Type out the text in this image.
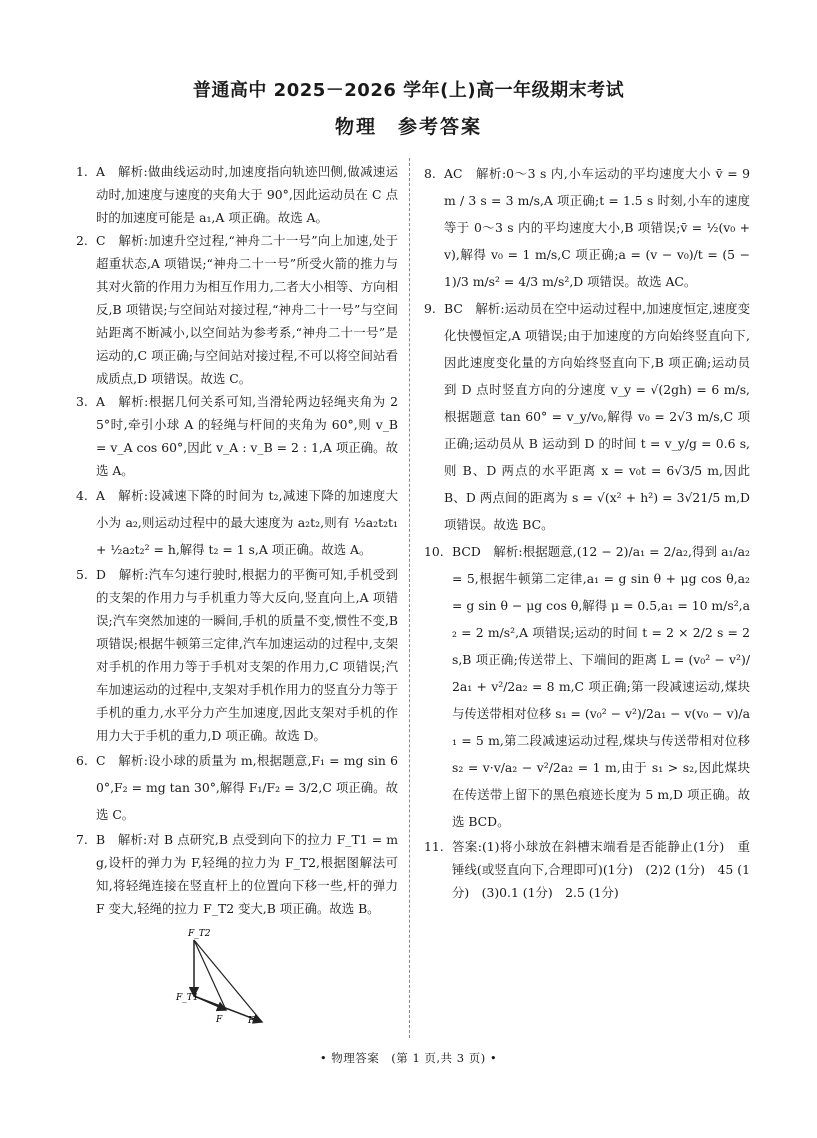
普通高中 2025－2026 学年(上)高一年级期末考试
物理　参考答案
1. A　解析:做曲线运动时,加速度指向轨迹凹侧,做减速运动时,加速度与速度的夹角大于 90°,因此运动员在 C 点时的加速度可能是 a₁,A 项正确。故选 A。
2. C　解析:加速升空过程,“神舟二十一号”向上加速,处于超重状态,A 项错误;“神舟二十一号”所受火箭的推力与其对火箭的作用力为相互作用力,二者大小相等、方向相反,B 项错误;与空间站对接过程,“神舟二十一号”与空间站距离不断减小,以空间站为参考系,“神舟二十一号”是运动的,C 项正确;与空间站对接过程,不可以将空间站看成质点,D 项错误。故选 C。
3. A　解析:根据几何关系可知,当滑轮两边轻绳夹角为 25°时,牵引小球 A 的轻绳与杆间的夹角为 60°,则 v_B = v_A cos 60°,因此 v_A : v_B = 2 : 1,A 项正确。故选 A。
4. A　解析:设减速下降的时间为 t₂,减速下降的加速度大小为 a₂,则运动过程中的最大速度为 a₂t₂,则有 ½a₂t₂t₁ + ½a₂t₂² = h,解得 t₂ = 1 s,A 项正确。故选 A。
5. D　解析:汽车匀速行驶时,根据力的平衡可知,手机受到的支架的作用力与手机重力等大反向,竖直向上,A 项错误;汽车突然加速的一瞬间,手机的质量不变,惯性不变,B 项错误;根据牛顿第三定律,汽车加速运动的过程中,支架对手机的作用力等于手机对支架的作用力,C 项错误;汽车加速运动的过程中,支架对手机作用力的竖直分力等于手机的重力,水平分力产生加速度,因此支架对手机的作用力大于手机的重力,D 项正确。故选 D。
6. C　解析:设小球的质量为 m,根据题意,F₁ = mg sin 60°,F₂ = mg tan 30°,解得 F₁/F₂ = 3/2,C 项正确。故选 C。
7. B　解析:对 B 点研究,B 点受到向下的拉力 F_T1 = mg,设杆的弹力为 F,轻绳的拉力为 F_T2,根据图解法可知,将轻绳连接在竖直杆上的位置向下移一些,杆的弹力 F 变大,轻绳的拉力 F_T2 变大,B 项正确。故选 B。
F_T2
F_T1
F	F
8. AC　解析:0～3 s 内,小车运动的平均速度大小 v̄ = 9 m / 3 s = 3 m/s,A 项正确;t = 1.5 s 时刻,小车的速度等于 0～3 s 内的平均速度大小,B 项错误;v̄ = ½(v₀ + v),解得 v₀ = 1 m/s,C 项正确;a = (v − v₀)/t = (5 − 1)/3 m/s² = 4/3 m/s²,D 项错误。故选 AC。
9. BC　解析:运动员在空中运动过程中,加速度恒定,速度变化快慢恒定,A 项错误;由于加速度的方向始终竖直向下,因此速度变化量的方向始终竖直向下,B 项正确;运动员到 D 点时竖直方向的分速度 v_y = √(2gh) = 6 m/s,根据题意 tan 60° = v_y/v₀,解得 v₀ = 2√3 m/s,C 项正确;运动员从 B 运动到 D 的时间 t = v_y/g = 0.6 s,则 B、D 两点的水平距离 x = v₀t = 6√3/5 m,因此 B、D 两点间的距离为 s = √(x² + h²) = 3√21/5 m,D 项错误。故选 BC。
10. BCD　解析:根据题意,(12 − 2)/a₁ = 2/a₂,得到 a₁/a₂ = 5,根据牛顿第二定律,a₁ = g sin θ + μg cos θ,a₂ = g sin θ − μg cos θ,解得 μ = 0.5,a₁ = 10 m/s²,a₂ = 2 m/s²,A 项错误;运动的时间 t = 2 × 2/2 s = 2 s,B 项正确;传送带上、下端间的距离 L = (v₀² − v²)/2a₁ + v²/2a₂ = 8 m,C 项正确;第一段减速运动,煤块与传送带相对位移 s₁ = (v₀² − v²)/2a₁ − v(v₀ − v)/a₁ = 5 m,第二段减速运动过程,煤块与传送带相对位移 s₂ = v·v/a₂ − v²/2a₂ = 1 m,由于 s₁ > s₂,因此煤块在传送带上留下的黑色痕迹长度为 5 m,D 项正确。故选 BCD。
11. 答案:(1)将小球放在斜槽末端看是否能静止(1分)　重锤线(或竖直向下,合理即可)(1分)　(2)2 (1分)　45 (1分)　(3)0.1 (1分)　2.5 (1分)
• 物理答案　(第 1 页,共 3 页) •
